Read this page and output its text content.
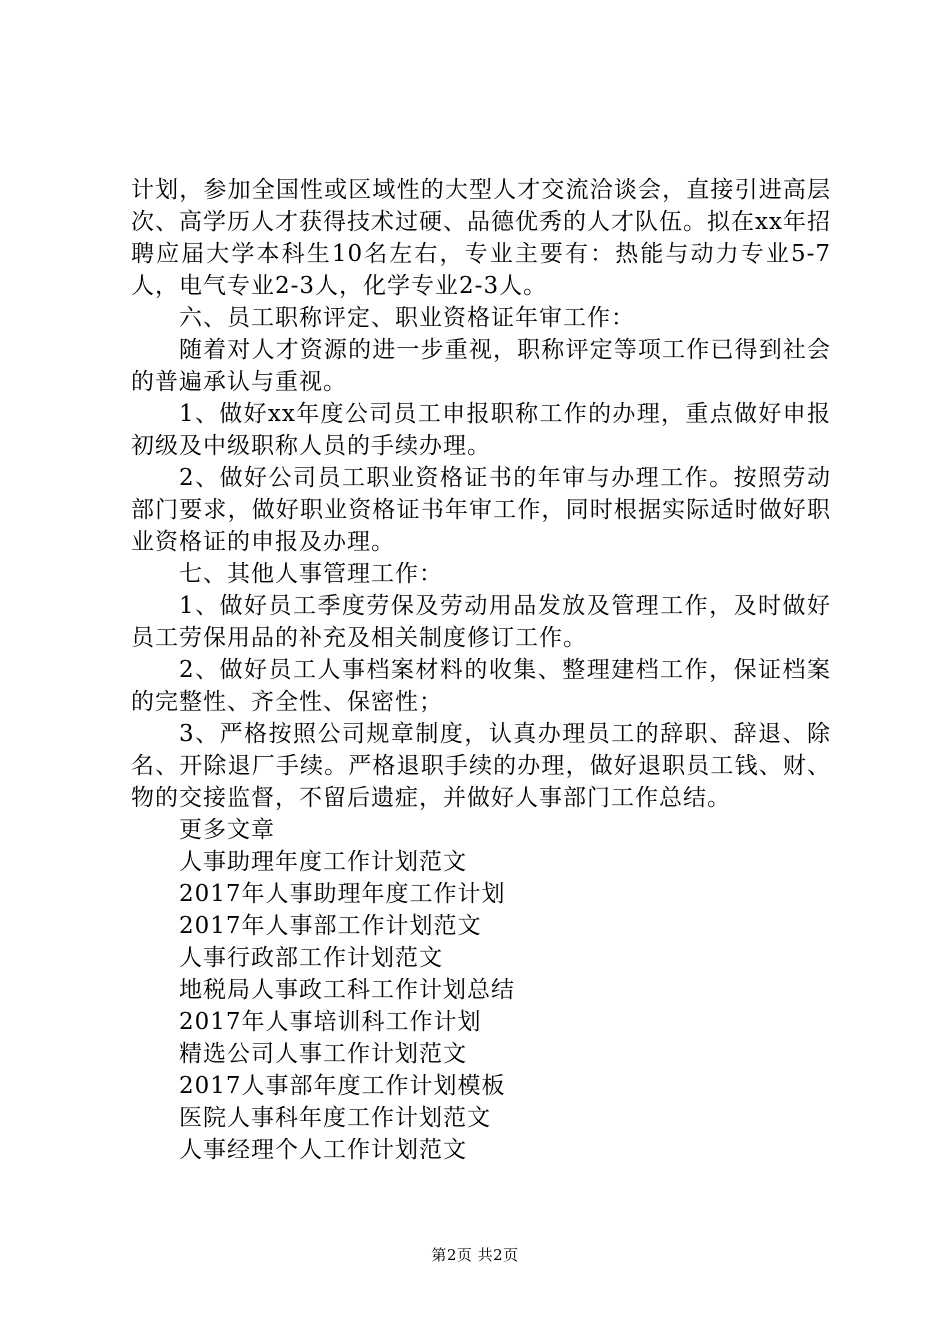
计划，参加全国性或区域性的大型人才交流洽谈会，直接引进高层次、高学历人才获得技术过硬、品德优秀的人才队伍。拟在xx年招聘应届大学本科生10名左右，专业主要有：热能与动力专业5-7人，电气专业2-3人，化学专业2-3人。

六、员工职称评定、职业资格证年审工作：

随着对人才资源的进一步重视，职称评定等项工作已得到社会的普遍承认与重视。

1、做好xx年度公司员工申报职称工作的办理，重点做好申报初级及中级职称人员的手续办理。

2、做好公司员工职业资格证书的年审与办理工作。按照劳动部门要求，做好职业资格证书年审工作，同时根据实际适时做好职业资格证的申报及办理。

七、其他人事管理工作：

1、做好员工季度劳保及劳动用品发放及管理工作，及时做好员工劳保用品的补充及相关制度修订工作。

2、做好员工人事档案材料的收集、整理建档工作，保证档案的完整性、齐全性、保密性；

3、严格按照公司规章制度，认真办理员工的辞职、辞退、除名、开除退厂手续。严格退职手续的办理，做好退职员工钱、财、物的交接监督，不留后遗症，并做好人事部门工作总结。

更多文章
人事助理年度工作计划范文
2017年人事助理年度工作计划
2017年人事部工作计划范文
人事行政部工作计划范文
地税局人事政工科工作计划总结
2017年人事培训科工作计划
精选公司人事工作计划范文
2017人事部年度工作计划模板
医院人事科年度工作计划范文
人事经理个人工作计划范文
第2页 共2页
